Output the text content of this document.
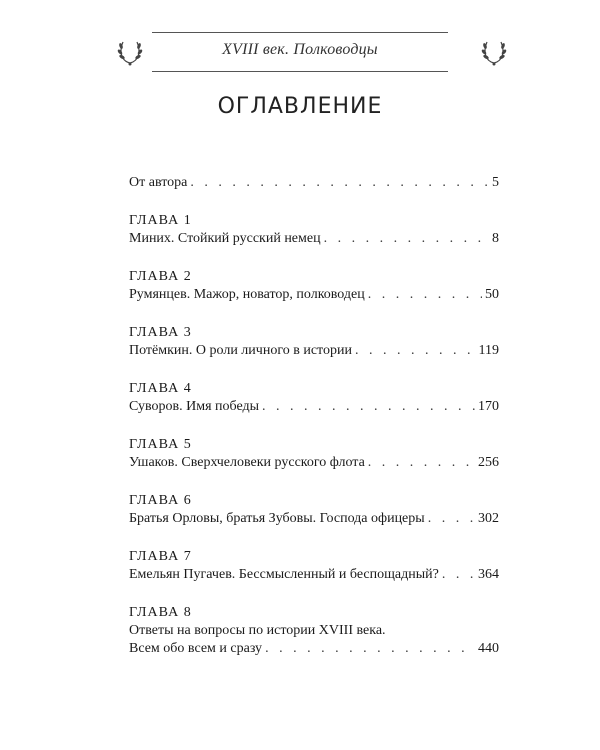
XVIII век. Полководцы
ОГЛАВЛЕНИЕ
От автора . . .	5
ГЛАВА 1
Миних. Стойкий русский немец . . .	8
ГЛАВА 2
Румянцев. Мажор, новатор, полководец . . .	50
ГЛАВА 3
Потёмкин. О роли личного в истории . . .	119
ГЛАВА 4
Суворов. Имя победы . . .	170
ГЛАВА 5
Ушаков. Сверхчеловеки русского флота . . .	256
ГЛАВА 6
Братья Орловы, братья Зубовы. Господа офицеры . . .	302
ГЛАВА 7
Емельян Пугачев. Бессмысленный и беспощадный? . . .	364
ГЛАВА 8
Ответы на вопросы по истории XVIII века.
Всем обо всем и сразу . . .	440
